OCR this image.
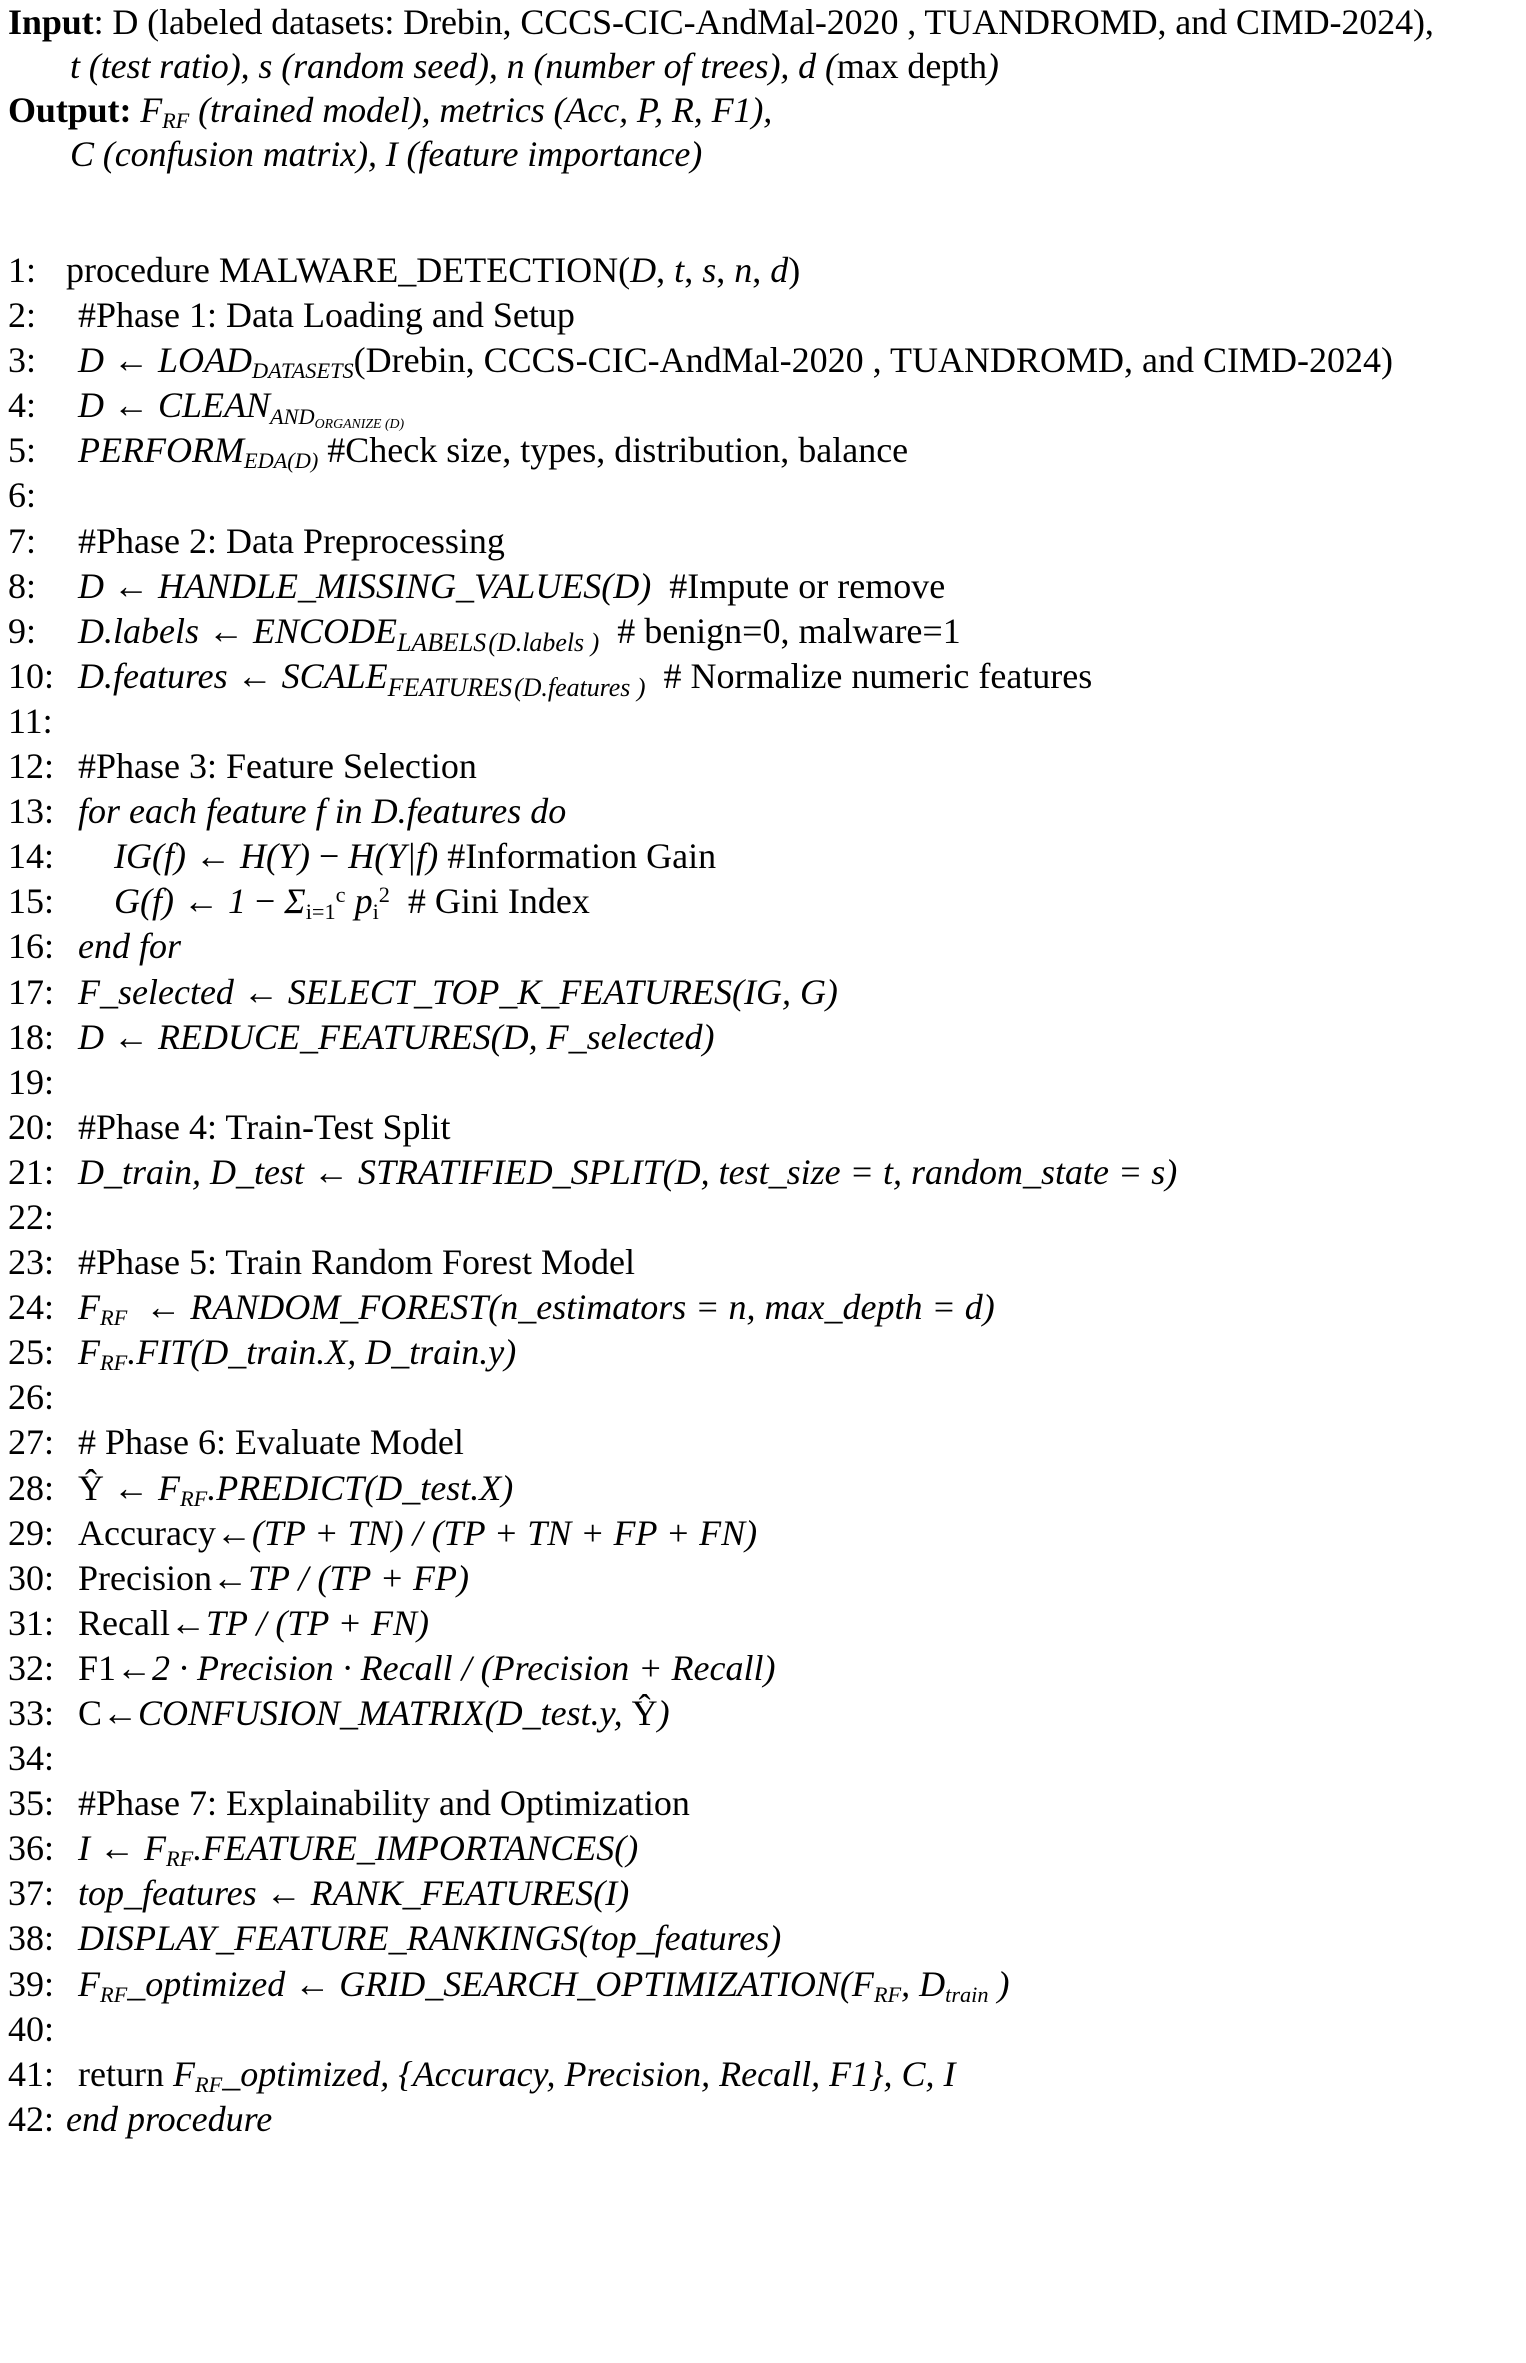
Input: D (labeled datasets: Drebin, CCCS-CIC-AndMal-2020 , TUANDROMD, and CIMD-2024),
t (test ratio), s (random seed), n (number of trees), d (max depth)
Output: $F_{RF}$ (trained model), metrics (Acc, P, R, F1),
C (confusion matrix), I (feature importance)
1: procedure MALWARE_DETECTION(D, t, s, n, d)
2: #Phase 1: Data Loading and Setup
3: D ← $LOAD_{DATASETS}(Drebin$, CCCS-CIC-AndMal-2020 , TUANDROMD, and CIMD-2024)
4: D ← $CLEAN_{AND_{ORGANIZE (D)}}$
5: $PERFORM_{EDA(D)}$ #Check size, types, distribution, balance
6:
7: #Phase 2: Data Preprocessing
8: D ← HANDLE_MISSING_VALUES(D) #Impute or remove
9: D.labels ← $ENCODE_{LABELS (D.labels )}$ # benign=0, malware=1
10: D.features ← $SCALE_{FEATURES (D.features )}$ # Normalize numeric features
11:
12: #Phase 3: Feature Selection
13: for each feature f in D.features do
14: IG(f) ← H(Y) − H(Y|f) #Information Gain
15: G(f) ← $1 - \Sigma_{i=1}^c$ $p_i^2$ # Gini Index
16: end for
17: F_selected ← SELECT_TOP_K_FEATURES(IG, G)
18: D ← REDUCE_FEATURES(D, F_selected)
19:
20: #Phase 4: Train-Test Split
21: D_train, D_test ← STRATIFIED_SPLIT(D, test_size = t, random_state = s)
22:
23: #Phase 5: Train Random Forest Model
24: $F_{RF}$ ← RANDOM_FOREST(n_estimators = n, max_depth = d)
25: $F_{RF}.FIT(D\_train.X$, D_train.y)
26:
27: # Phase 6: Evaluate Model
28: Ŷ ← $F_{RF}.PREDICT(D\_test.X)$
29: Accuracy←(TP + TN) / (TP + TN + FP + FN)
30: Precision←TP / (TP + FP)
31: Recall←TP / (TP + FN)
32: F1←2 · Precision · Recall / (Precision + Recall)
33: C←CONFUSION_MATRIX(D_test.y, Ŷ)
34:
35: #Phase 7: Explainability and Optimization
36: I ← $F_{RF}.FEATURE\_IMPORTANCES()$
37: top_features ← RANK_FEATURES(I)
38: DISPLAY_FEATURE_RANKINGS(top_features)
39: $F_{RF}\_optimized$ ← $GRID\_SEARCH\_OPTIMIZATION(F_{RF}$, $D_{train}$ )
40:
41: return $F_{RF}\_optimized$, {Accuracy, Precision, Recall, F1}, C, I
42: end procedure
